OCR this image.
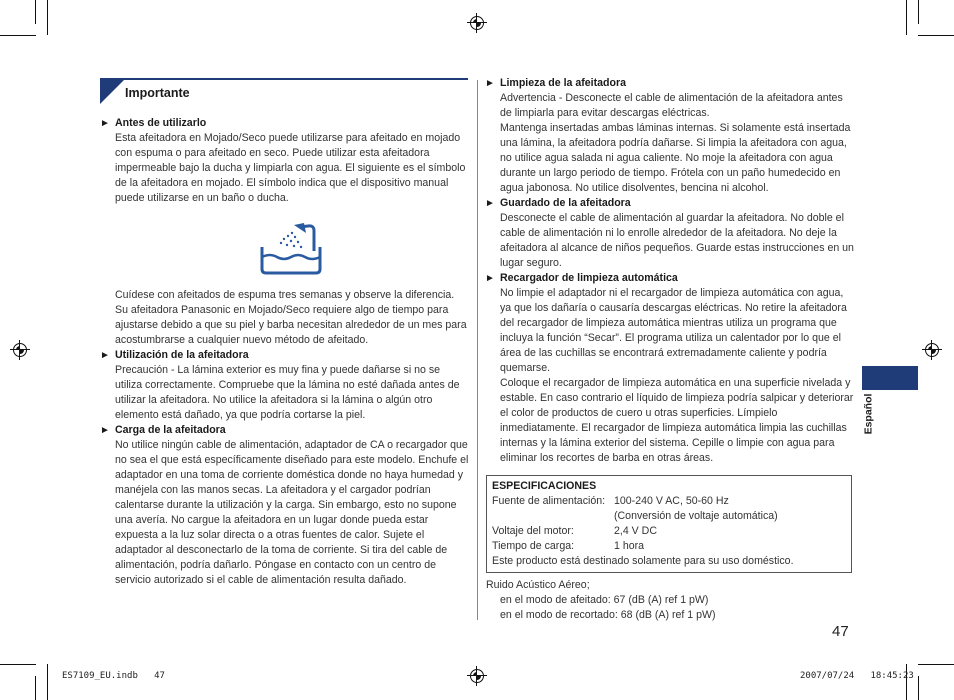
Importante
► Antes de utilizarlo

Esta afeitadora en Mojado/Seco puede utilizarse para afeitado en mojado con espuma o para afeitado en seco. Puede utilizar esta afeitadora impermeable bajo la ducha y limpiarla con agua. El siguiente es el símbolo de la afeitadora en mojado. El símbolo indica que el dispositivo manual puede utilizarse en un baño o ducha.

Cuídese con afeitados de espuma tres semanas y observe la diferencia. Su afeitadora Panasonic en Mojado/Seco requiere algo de tiempo para ajustarse debido a que su piel y barba necesitan alrededor de un mes para acostumbrarse a cualquier nuevo método de afeitado.

► Utilización de la afeitadora

Precaución - La lámina exterior es muy fina y puede dañarse si no se utiliza correctamente. Compruebe que la lámina no esté dañada antes de utilizar la afeitadora. No utilice la afeitadora si la lámina o algún otro elemento está dañado, ya que podría cortarse la piel.

► Carga de la afeitadora

No utilice ningún cable de alimentación, adaptador de CA o recargador que no sea el que está específicamente diseñado para este modelo. Enchufe el adaptador en una toma de corriente doméstica donde no haya humedad y manéjela con las manos secas. La afeitadora y el cargador podrían calentarse durante la utilización y la carga. Sin embargo, esto no supone una avería. No cargue la afeitadora en un lugar donde pueda estar expuesta a la luz solar directa o a otras fuentes de calor. Sujete el adaptador al desconectarlo de la toma de corriente. Si tira del cable de alimentación, podría dañarlo. Póngase en contacto con un centro de servicio autorizado si el cable de alimentación resulta dañado.

► Limpieza de la afeitadora

Advertencia - Desconecte el cable de alimentación de la afeitadora antes de limpiarla para evitar descargas eléctricas.

Mantenga insertadas ambas láminas internas. Si solamente está insertada una lámina, la afeitadora podría dañarse. Si limpia la afeitadora con agua, no utilice agua salada ni agua caliente. No moje la afeitadora con agua durante un largo periodo de tiempo. Frótela con un paño humedecido en agua jabonosa. No utilice disolventes, bencina ni alcohol.

► Guardado de la afeitadora

Desconecte el cable de alimentación al guardar la afeitadora. No doble el cable de alimentación ni lo enrolle alrededor de la afeitadora. No deje la afeitadora al alcance de niños pequeños. Guarde estas instrucciones en un lugar seguro.

► Recargador de limpieza automática

No limpie el adaptador ni el recargador de limpieza automática con agua, ya que los dañaría o causaría descargas eléctricas. No retire la afeitadora del recargador de limpieza automática mientras utiliza un programa que incluya la función “Secar”. El programa utiliza un calentador por lo que el área de las cuchillas se encontrará extremadamente caliente y podría quemarse.

Coloque el recargador de limpieza automática en una superficie nivelada y estable. En caso contrario el líquido de limpieza podría salpicar y deteriorar el color de productos de cuero u otras superficies. Límpielo inmediatamente. El recargador de limpieza automática limpia las cuchillas internas y la lámina exterior del sistema. Cepille o limpie con agua para eliminar los recortes de barba en otras áreas.

ESPECIFICACIONES
Fuente de alimentación:	100-240 V AC, 50-60 Hz
	(Conversión de voltaje automática)
Voltaje del motor:	2,4 V DC
Tiempo de carga:	1 hora
Este producto está destinado solamente para su uso doméstico.
Ruido Acústico Aéreo;
en el modo de afeitado: 67 (dB (A) ref 1 pW)
en el modo de recortado: 68 (dB (A) ref 1 pW)
47
Español
ES7109_EU.indb   47	2007/07/24   18:45:23
